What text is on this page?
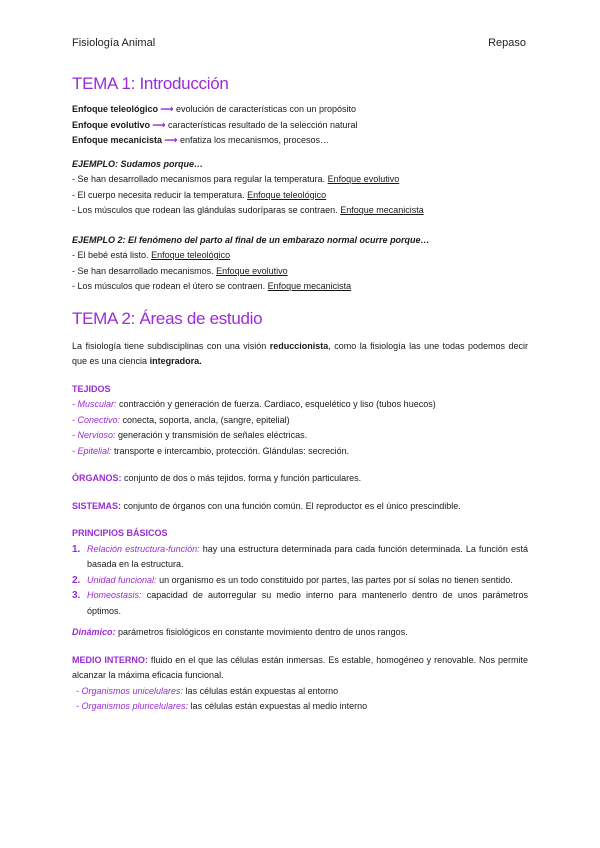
Fisiología Animal	Repaso
TEMA 1: Introducción
Enfoque teleológico ⟶ evolución de características con un propósito
Enfoque evolutivo ⟶ características resultado de la selección natural
Enfoque mecanicista ⟶ enfatiza los mecanismos, procesos…
EJEMPLO: Sudamos porque…
- Se han desarrollado mecanismos para regular la temperatura. Enfoque evolutivo
- El cuerpo necesita reducir la temperatura. Enfoque teleológico
- Los músculos que rodean las glándulas sudoríparas se contraen. Enfoque mecanicista
EJEMPLO 2: El fenómeno del parto al final de un embarazo normal ocurre porque…
- El bebé está listo. Enfoque teleológico
- Se han desarrollado mecanismos. Enfoque evolutivo
- Los músculos que rodean el útero se contraen. Enfoque mecanicista
TEMA 2: Áreas de estudio
La fisiología tiene subdisciplinas con una visión reduccionista, como la fisiología las une todas podemos decir que es una ciencia integradora.
TEJIDOS
- Muscular: contracción y generación de fuerza. Cardiaco, esquelético y liso (tubos huecos)
- Conectivo: conecta, soporta, ancla, (sangre, epitelial)
- Nervioso: generación y transmisión de señales eléctricas.
- Epitelial: transporte e intercambio, protección. Glándulas: secreción.
ÓRGANOS: conjunto de dos o más tejidos. forma y función particulares.
SISTEMAS: conjunto de órganos con una función común. El reproductor es el único prescindible.
PRINCIPIOS BÁSICOS
1. Relación estructura-función: hay una estructura determinada para cada función determinada. La función está basada en la estructura.
2. Unidad funcional: un organismo es un todo constituido por partes, las partes por sí solas no tienen sentido.
3. Homeostasis: capacidad de autorregular su medio interno para mantenerlo dentro de unos parámetros óptimos.
Dinámico: parámetros fisiológicos en constante movimiento dentro de unos rangos.
MEDIO INTERNO: fluido en el que las células están inmersas. Es estable, homogéneo y renovable. Nos permite alcanzar la máxima eficacia funcional.
- Organismos unicelulares: las células están expuestas al entorno
- Organismos pluricelulares: las células están expuestas al medio interno
